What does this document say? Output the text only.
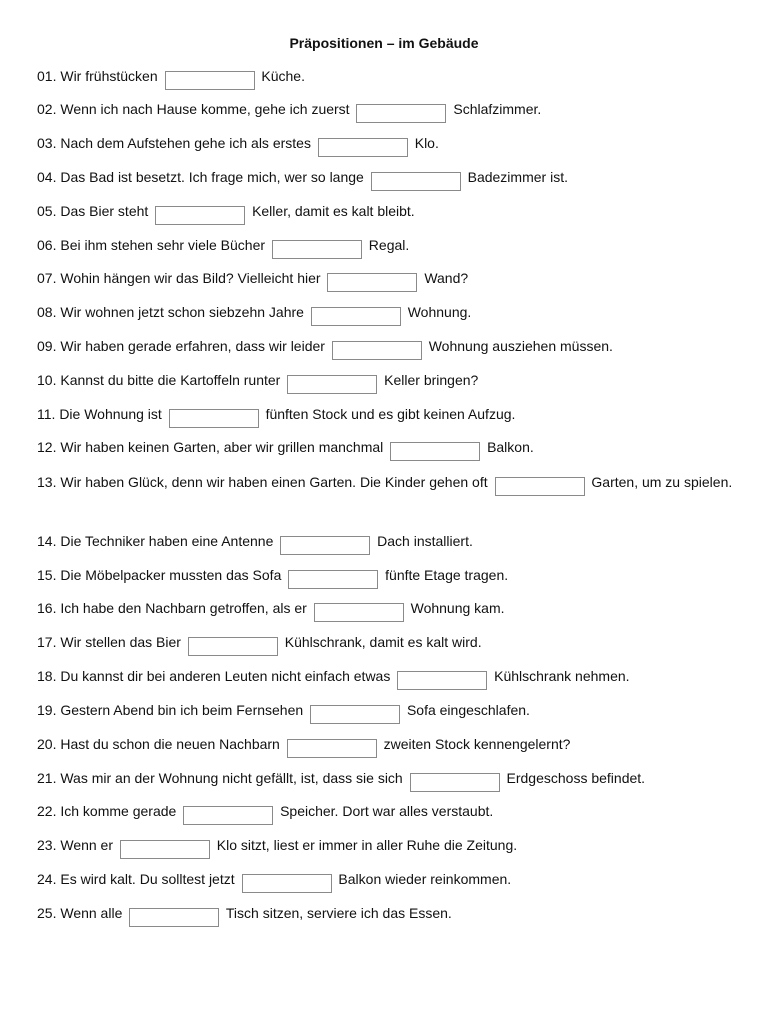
Präpositionen – im Gebäude
01. Wir frühstücken	Küche.
02. Wenn ich nach Hause komme, gehe ich zuerst	Schlafzimmer.
03. Nach dem Aufstehen gehe ich als erstes	Klo.
04. Das Bad ist besetzt. Ich frage mich, wer so lange	Badezimmer ist.
05. Das Bier steht	Keller, damit es kalt bleibt.
06. Bei ihm stehen sehr viele Bücher	Regal.
07. Wohin hängen wir das Bild? Vielleicht hier	Wand?
08. Wir wohnen jetzt schon siebzehn Jahre	Wohnung.
09. Wir haben gerade erfahren, dass wir leider	Wohnung ausziehen müssen.
10. Kannst du bitte die Kartoffeln runter	Keller bringen?
11. Die Wohnung ist	fünften Stock und es gibt keinen Aufzug.
12. Wir haben keinen Garten, aber wir grillen manchmal	Balkon.
13. Wir haben Glück, denn wir haben einen Garten. Die Kinder gehen oft	Garten, um zu spielen.
14. Die Techniker haben eine Antenne	Dach installiert.
15. Die Möbelpacker mussten das Sofa	fünfte Etage tragen.
16. Ich habe den Nachbarn getroffen, als er	Wohnung kam.
17. Wir stellen das Bier	Kühlschrank, damit es kalt wird.
18. Du kannst dir bei anderen Leuten nicht einfach etwas	Kühlschrank nehmen.
19. Gestern Abend bin ich beim Fernsehen	Sofa eingeschlafen.
20. Hast du schon die neuen Nachbarn	zweiten Stock kennengelernt?
21. Was mir an der Wohnung nicht gefällt, ist, dass sie sich	Erdgeschoss befindet.
22. Ich komme gerade	Speicher. Dort war alles verstaubt.
23. Wenn er	Klo sitzt, liest er immer in aller Ruhe die Zeitung.
24. Es wird kalt. Du solltest jetzt	Balkon wieder reinkommen.
25. Wenn alle	Tisch sitzen, serviere ich das Essen.
